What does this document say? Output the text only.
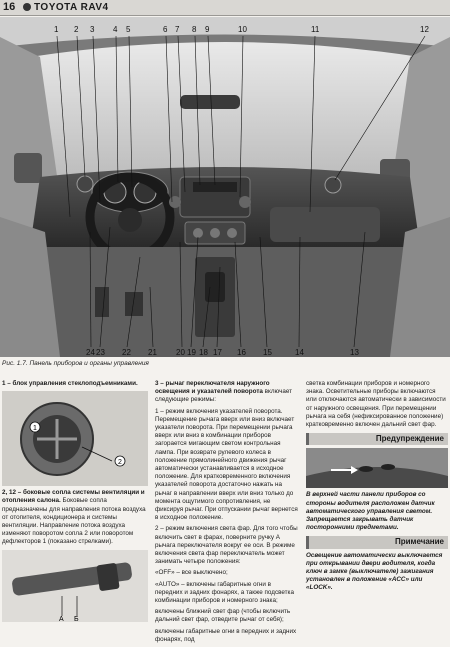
16 TOYOTA RAV4
1 2 3 4 5	6 7 8 9	10	11	12
24 23 22 21 20 19 18 17 16 15	14	13
Рис. 1.7. Панель приборов и органы управления

1 – блок управления стеклоподъемниками.

1
2

2, 12 – боковые сопла системы вентиляции и отопления салона. Боковые сопла предназначены для направления потока воздуха от отопителя, кондиционера и системы вентиляции. Направление потока воздуха изменяют поворотом сопла 2 или поворотом дефлекторов 1 (показано стрелками).

А Б

3 – рычаг переключателя наружного освещения и указателей поворота включает следующие режимы:

1 – режим включения указателей поворота. Перемещение рычага вверх или вниз включает указатели поворота. При перемещении рычага вверх или вниз в комбинации приборов загорается мигающим светом контрольная лампа. При возврате рулевого колеса в положение прямолинейного движения рычаг автоматически устанавливается в исходное положение. Для кратковременного включения указателей поворота достаточно нажать на рычаг в направлении вверх или вниз только до момента ощутимого сопротивления, не фиксируя рычаг. При отпускании рычаг вернется в исходное положение.

2 – режим включения света фар. Для того чтобы включить свет в фарах, поверните ручку A рычага переключателя вокруг ее оси. В режиме включения света фар переключатель может занимать четыре положения:

«OFF» – все выключено;

«AUTO» – включены габаритные огни в передних и задних фонарях, а также подсветка комбинации приборов и номерного знака;

включены ближний свет фар (чтобы включить дальний свет фар, отведите рычаг от себя);

включены габаритные огни в передних и задних фонарях, под

светка комбинации приборов и номерного знака. Осветительные приборы включаются или отключаются автоматически в зависимости от наружного освещения. При перемещении рычага на себя (нефиксированное положение) кратковременно включен дальний свет фар.

Предупреждение

В верхней части панели приборов со стороны водителя расположен датчик автоматического управления светом. Запрещается закрывать датчик посторонними предметами.

Примечание

Освещение автоматически выключается при открывании двери водителя, когда ключ в замке (выключателе) зажигания установлен в положение «ACC» или «LOCK».
